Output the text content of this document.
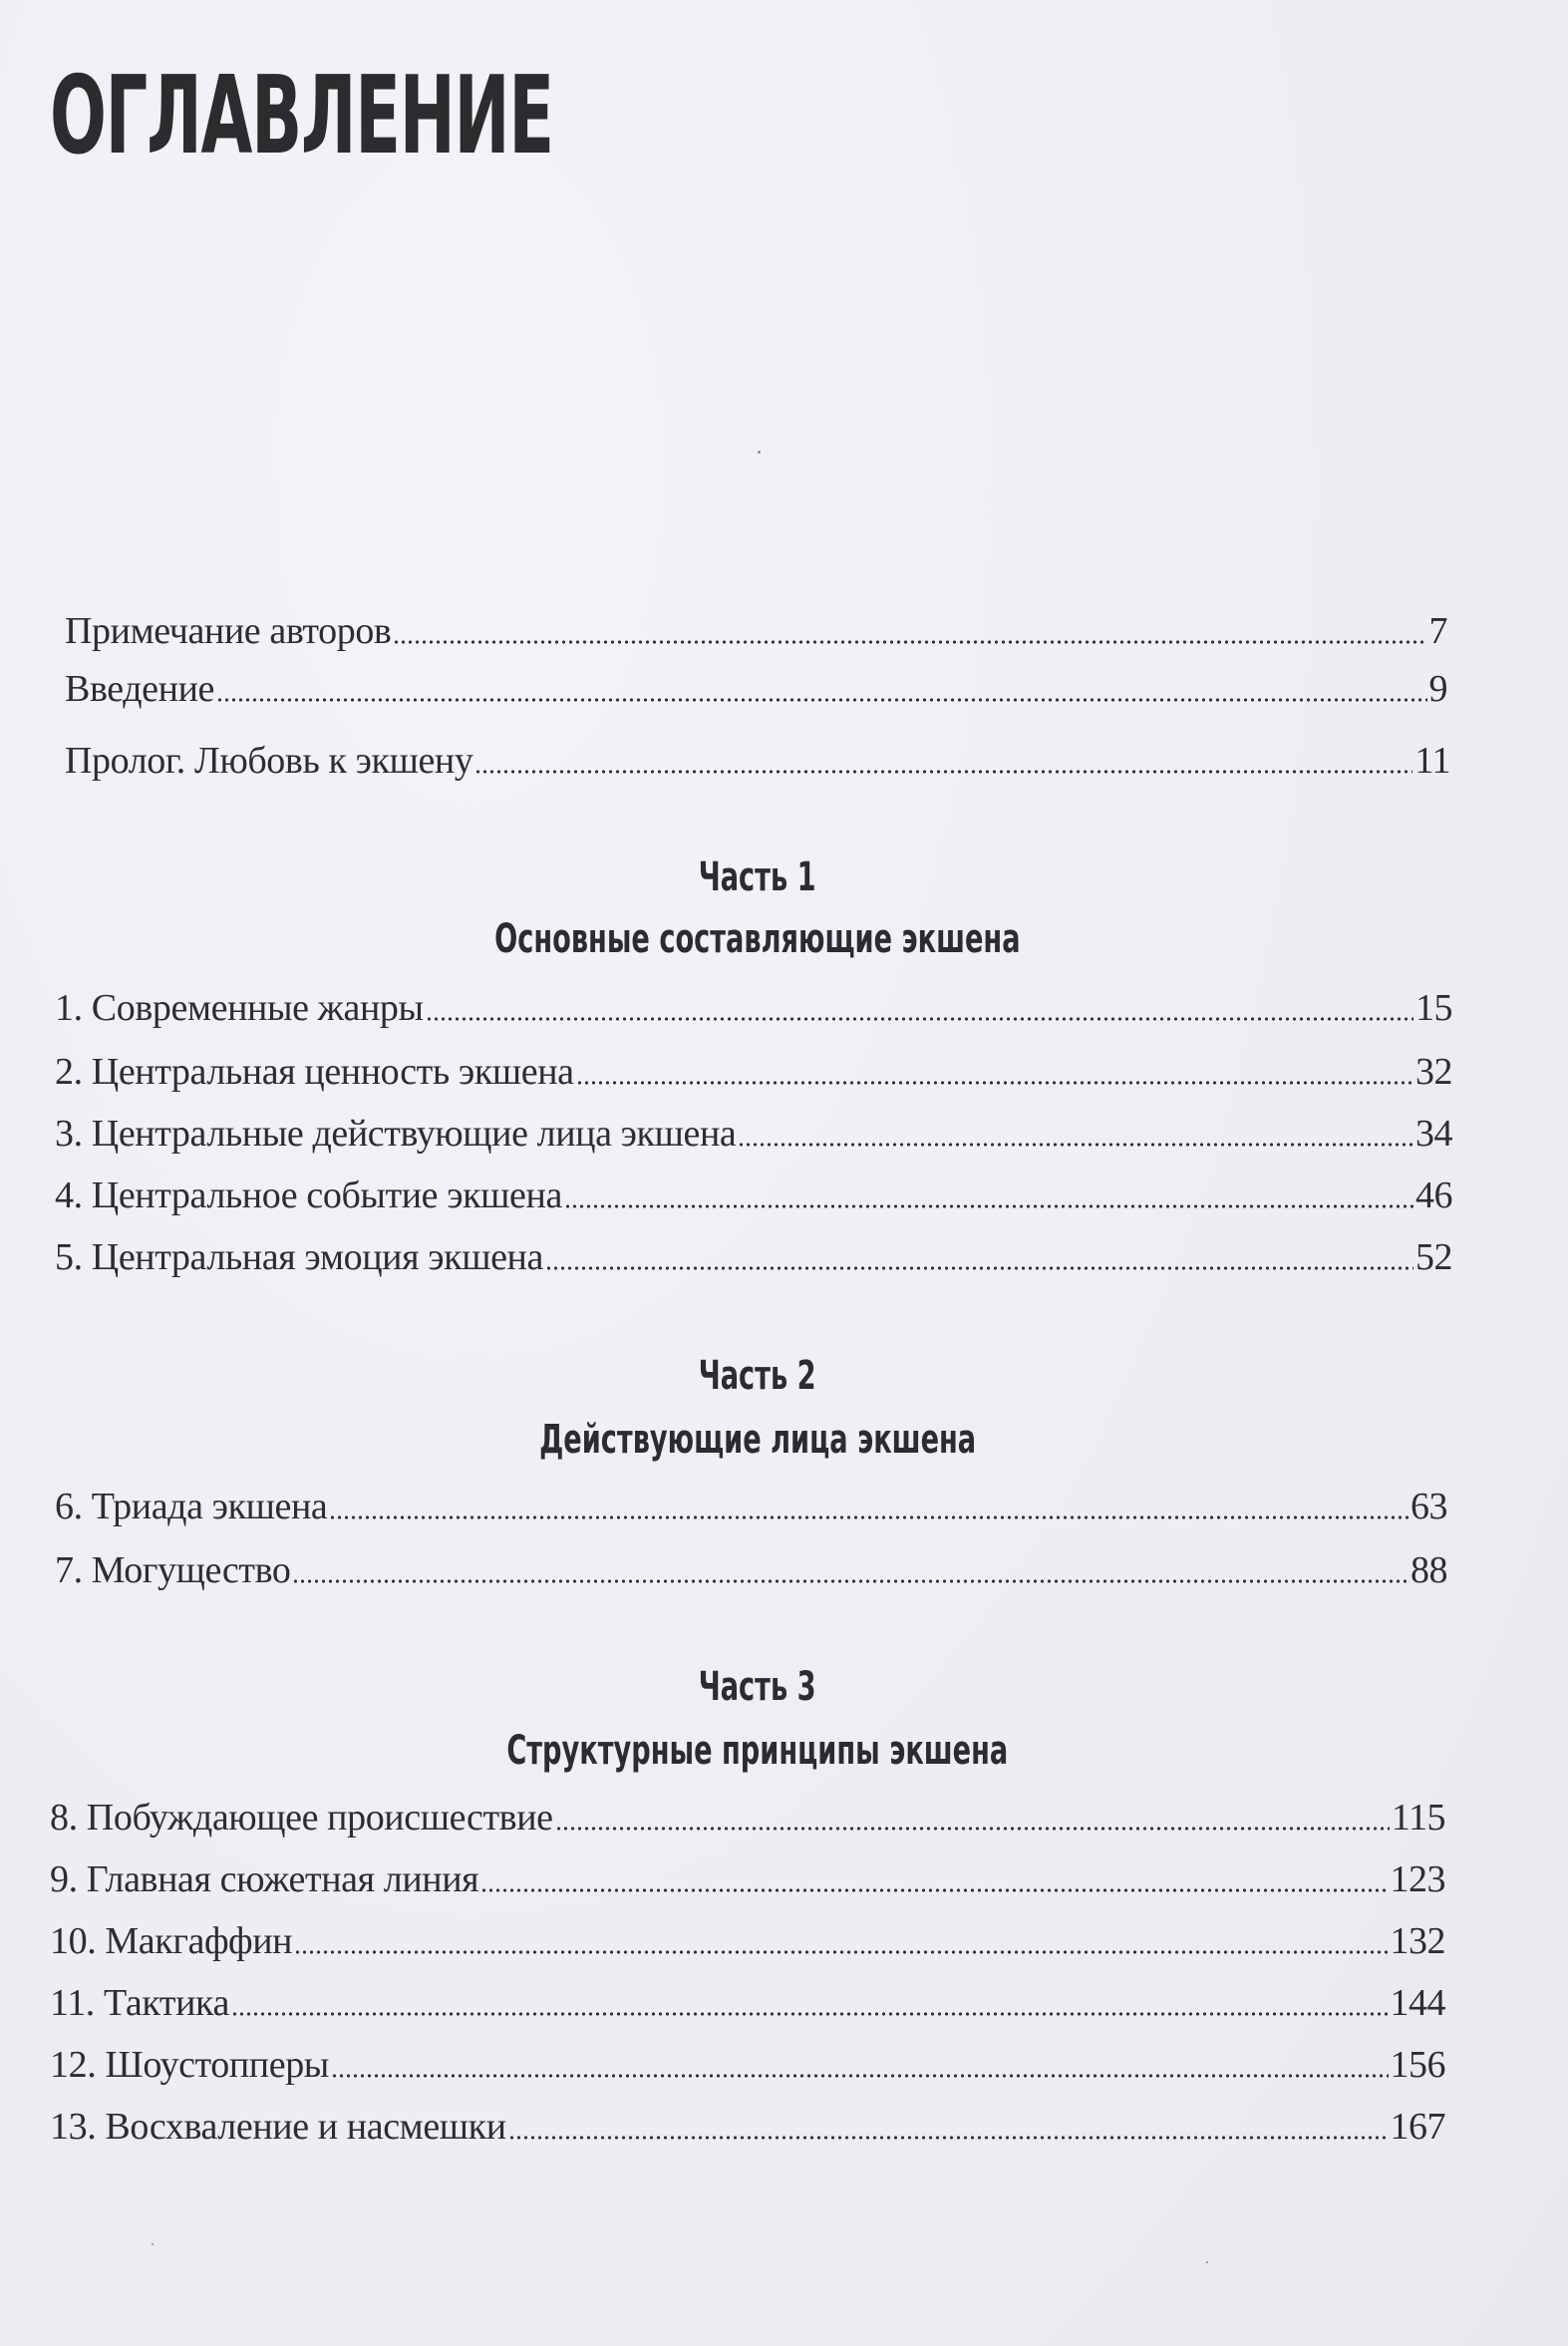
ОГЛАВЛЕНИЕ
Примечание авторов	7
Введение	9
Пролог. Любовь к экшену	11
Часть 1
Основные составляющие экшена
1. Современные жанры	15
2. Центральная ценность экшена	32
3. Центральные действующие лица экшена	34
4. Центральное событие экшена	46
5. Центральная эмоция экшена	52
Часть 2
Действующие лица экшена
6. Триада экшена	63
7. Могущество	88
Часть 3
Структурные принципы экшена
8. Побуждающее происшествие	115
9. Главная сюжетная линия	123
10. Макгаффин	132
11. Тактика	144
12. Шоустопперы	156
13. Восхваление и насмешки	167
